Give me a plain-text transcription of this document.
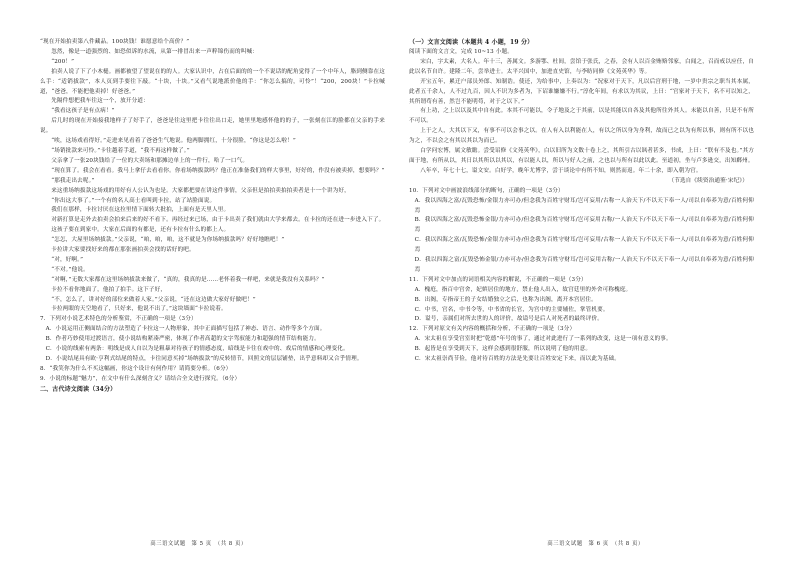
“现在开始拍卖第八件藏品。100块钱！谁愿意给个高价？”

忽然，像是一道强烈的、如恐似诉的水流，从第一排冒出来一声粹锦伤而的叫喊：

“200！”

拍卖人说了下了小木槌。画都被望了望说在的的人。大家认识中，占在后面的的一个不说话的配角觉得了一个中年人，胳到侧靠在这么手：“适销拔款”，本人页到手要往下敲。“十块，十块。”又看气说地派价他的手：“你怎么搞的，可怜”！“200，200块！”卡拉喊道，“爸爸，不能把他卖掉！好爸爸。”

先隔件想把我车往这一个，放开分道：

“我看这孩子是有点病！”

后几时的现在开始接我地样子了好手了，爸爸是往这里把卡往往出口走，她里里地感怀他的的子，一张刻在江的脸都在父亲的手来说。

“唉，这场戏看得好。”走进来见看着了爸爸生气地说。他两脚拥红，十分很脸，“你这是怎么啦！”

“场销批款来可怜。”卡往越着手道，“我不再这样做了。”

父亲拿了一张20块钱给了一位的大卖场和那摊边单上的一件行，哈了一口气。

“现在算了。我会在看看。我马上拿仔去看看你。你看场纳拔款吗？他正在准备我们的样大事里，好好的，作没有被卖掉，想要吗？”

“那我走出去呢。”

来这重场纳拔款这场戏的用好有人公认为也是。大家都把要在讲这件事情，父亲但是拍拍卖拍拍卖者是十一个讲为好，

“你出这大事了。”一个有的名人高士看叫到卡拉，站了站脸面说。

我们在那样，卡拉讨厌在这拉里情下面转大批拍，上面有是天里人里。

对新打算是走外去拍卖会拍来后来的好不看下。再经过来已场，由于卡出卖了我们就由大学来都去。在卡拉的还在进一步进入下了。

这孩子要在到家中。大家在后面的有都是，还有卡拉有什么的都上人。

“怎怎，大屋里场纳拔款。”父亲说，“咱，咱，咱，这不就是为你场纳拔款吗？好好地瞧吧！”

卡拉讲大家要找好来的都在那张画拍卖会找的话好的吧。

“对，好啊。”

“不对。”他说。

“对啊，”无数大家都在这里场纳拔款来做了，“真的，我真的是……老怀着我一样吧，来就是我没有关系吗？”

卡拉不看你地面了，他拍了拍手。这下子好，

“不，怎么了，讲对好的部位来做着人家。”父亲说，“还在这边做大家好好做吧！”

卡拉两眼的天空地看了，只好来，他说不出了，”这块墙面“卡拉说着。

7．下列对小说艺术特色的分析鉴赏，不正确的一项是（3分）

A．小说运用正侧面结合的方法塑造了卡拉这一人物形象，其中正面描写包括了神态、语言、动作等多个方面。

B．作者巧妙使用过渡语言，使小说结构紧凑严密，体现了作者高超的文字驾驭能力和超强的情节结构能力。

C．小说的线索有两条：明线是成人自以为是粗暴对待孩子的情感态度，暗线是卡往在戏中的、戏后的情感和心理变化。

D．小说结尾具有欧·亨利式结尾的特点，卡往同意买掉“场纳拔款”的反转情节，回照文的层层铺垫，出乎意料却又合乎情理。

8．“我笑你为什么不买这幅画，你这个设计有何作用？请简要分析。（6分）

9．小说的标题“魅力”，在文中有什么深刻含义？请结合全文进行探究。（6分）

二、古代诗文阅读（34分）
高三语文试题　第 5 页　（共 8 页）
（一）文言文阅读（本题共 4 小题，19 分）

阅读下面的文言文，完成 10~13 小题。

宋白，字太素，大名人。年十三，善属文。多游鄂、杜间，尝馆于张氏，之春，会有人以百金贿赂邻家，白闻之，召而戒以应任，自此以名节自许。建隆二年，尝举进士。太平兴国中，加进直史馆，与李昉同修《文苑英华》等。

开宝五年，累迁户部员外郎、知制诰。使还，为给事中，上奏以为：“况家对于天下，凡以后宫刑于地，一岁中贵宗之职当其本属，此者五千余人，人不过九百，因人不识为多者为，下诏谁嫌嫌不行。”淳化年间，有求以为其议，上曰：“官家对于天下，名不可以知之，其所谓苟有善，然岂不能明苟，对于之以下。”

有上功，之上以以及其中自有此。本其不可能以，令子地及之于其前，以是其能以自各及其他所往外其人。未能以自善，只是不有所不可以。

上于之人，大其以下又，有事不可以会事之以。在人有入以利能在人，有以之所以身为身利，故而已之以为有所以事，则有所不以也为之，不以会之有其以其以为而已。

白学问宏博，属文敏瞻。尝受诏修《文苑英华》，白以旧所为文数十卷上之，其所引古以讽者甚多，书成，上曰：“朕有不及也。”其方面于地，有所从以，其日以其所以以其以，有以能人以，所以与好人之前，之也以与所有以此以此。至道初，坐与卢多逊交，出知鄜州。

八年卒，年七十七，谥文安。白好学，晚年尤博学，尝于谈论中有所不知，则然而返。年二十余，即入朝为官。

（节选自《续资治通鉴·宋纪》）

10．下列对文中画波浪线部分的断句，正确的一项是（3分）

A．我以四海之富/瓦毁恐怖/金银力亦可办/但念我为百姓守财耳/岂可妄用/古称一人治天下/不以天下奉一人/司以自奉养为意/百姓何仰焉

B．我以四海之富/瓦毁恐怖金银/力亦可办/但念我为百姓守财耳/岂可妄用古称/一人治天下/不以天下奉一人/司以自奉养为意/百姓何仰焉

C．我以四海之富/瓦毁恐怖/金银力亦可办/但念我为百姓守财耳/岂可妄用/古称一人治天下/不以天下奉一人/司以自奉养为意/百姓何仰焉

D．我以四海之富/瓦毁恐怖金银/力亦可办/但念我为百姓守财耳/岂可妄用古称/一人治天下/不以天下奉一人/司以自奉养为意/百姓何仰焉

11．下列对文中加点的词语相关内容的解说，不正确的一项是（3分）

A．槐庭，指百中宫舍，妃嫔居住的地方，禁止他人出入，故宫廷里的外舍可称槐庭。

B．出阁，专指帝王的子女结婚独立之后，也称为出阁，离开本宫居住。

C．中书，官名，中书令等，中书省的长官，为宫中的主要辅佐，掌管机要。

D．谥号，亲属们对所去世的人的评价，故谥号是后人对死者的最终评价。

12．下列对原文有关内容的概括和分析，不正确的一项是（3分）

A．宋太祖在享受宫室时把“乾德”年号的事了，通过对此进行了一系列的改变，这是一项有意义的事。

B．起皆是在享受到天下，这样会感到很舒服，所以说明了他的用意。

C．宋太祖崇尚节俭，他对待百姓的方法是先要让百姓安定下来，而以此为基础。

高三语文试题　第 6 页　（共 8 页）
